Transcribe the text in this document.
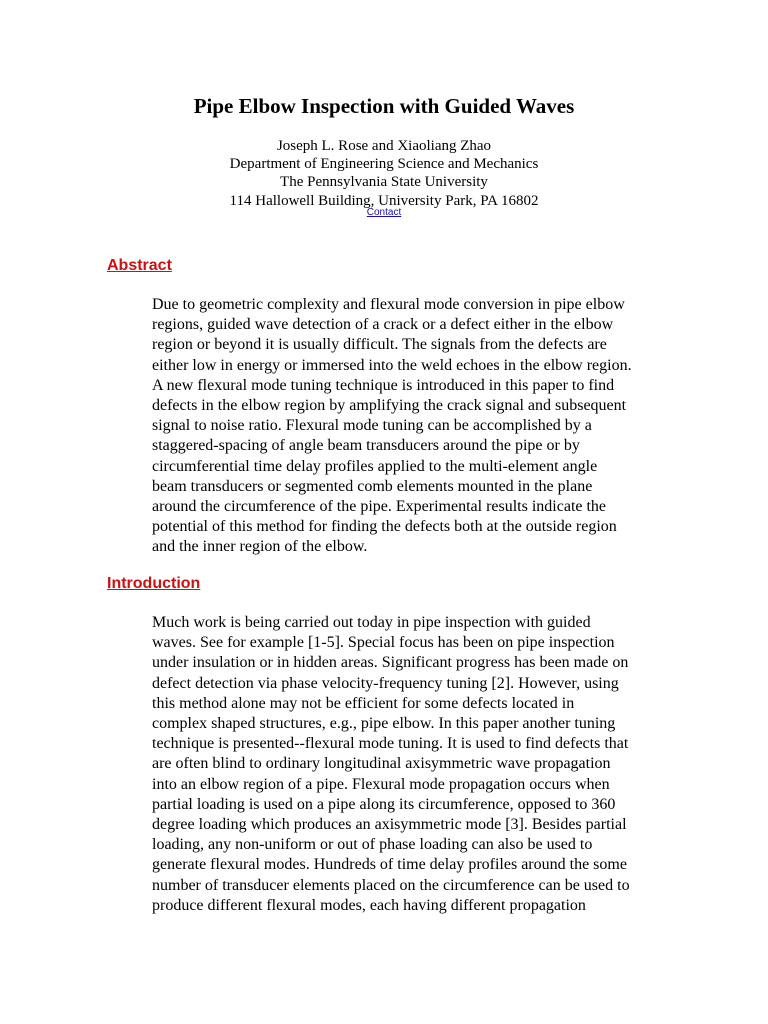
Pipe Elbow Inspection with Guided Waves
Joseph L. Rose and Xiaoliang Zhao
Department of Engineering Science and Mechanics
The Pennsylvania State University
114 Hallowell Building, University Park, PA 16802
Contact
Abstract
Due to geometric complexity and flexural mode conversion in pipe elbow
regions, guided wave detection of a crack or a defect either in the elbow
region or beyond it is usually difficult. The signals from the defects are
either low in energy or immersed into the weld echoes in the elbow region.
A new flexural mode tuning technique is introduced in this paper to find
defects in the elbow region by amplifying the crack signal and subsequent
signal to noise ratio. Flexural mode tuning can be accomplished by a
staggered-spacing of angle beam transducers around the pipe or by
circumferential time delay profiles applied to the multi-element angle
beam transducers or segmented comb elements mounted in the plane
around the circumference of the pipe. Experimental results indicate the
potential of this method for finding the defects both at the outside region
and the inner region of the elbow.
Introduction
Much work is being carried out today in pipe inspection with guided
waves. See for example [1-5]. Special focus has been on pipe inspection
under insulation or in hidden areas. Significant progress has been made on
defect detection via phase velocity-frequency tuning [2]. However, using
this method alone may not be efficient for some defects located in
complex shaped structures, e.g., pipe elbow. In this paper another tuning
technique is presented--flexural mode tuning. It is used to find defects that
are often blind to ordinary longitudinal axisymmetric wave propagation
into an elbow region of a pipe. Flexural mode propagation occurs when
partial loading is used on a pipe along its circumference, opposed to 360
degree loading which produces an axisymmetric mode [3]. Besides partial
loading, any non-uniform or out of phase loading can also be used to
generate flexural modes. Hundreds of time delay profiles around the some
number of transducer elements placed on the circumference can be used to
produce different flexural modes, each having different propagation
